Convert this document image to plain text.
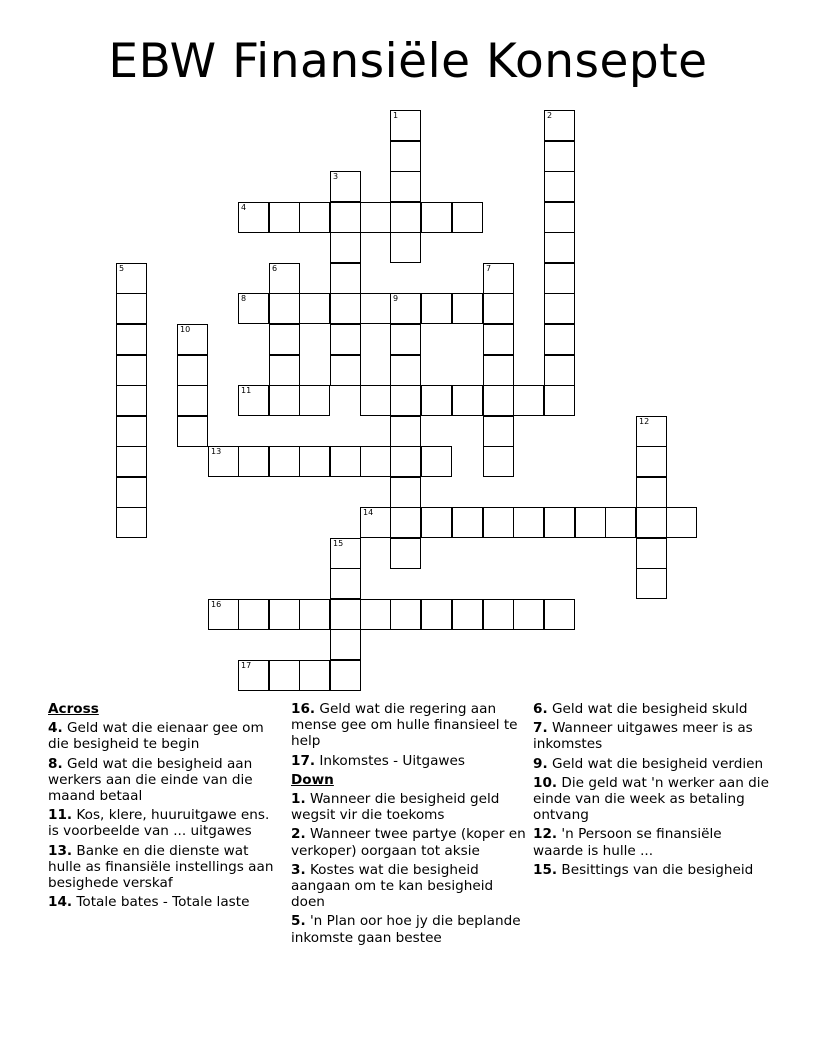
EBW Finansiële Konsepte
1	2
3
4
5	6	7
8	9
10
11
12
13
14
15
16
17
Across
4. Geld wat die eienaar gee om die besigheid te begin
8. Geld wat die besigheid aan werkers aan die einde van die maand betaal
11. Kos, klere, huuruitgawe ens. is voorbeelde van ... uitgawes
13. Banke en die dienste wat hulle as finansiële instellings aan besighede verskaf
14. Totale bates - Totale laste
16. Geld wat die regering aan mense gee om hulle finansieel te help
17. Inkomstes - Uitgawes
Down
1. Wanneer die besigheid geld wegsit vir die toekoms
2. Wanneer twee partye (koper en verkoper) oorgaan tot aksie
3. Kostes wat die besigheid aangaan om te kan besigheid doen
5. 'n Plan oor hoe jy die beplande inkomste gaan bestee
6. Geld wat die besigheid skuld
7. Wanneer uitgawes meer is as inkomstes
9. Geld wat die besigheid verdien
10. Die geld wat 'n werker aan die einde van die week as betaling ontvang
12. 'n Persoon se finansiële waarde is hulle ...
15. Besittings van die besigheid
